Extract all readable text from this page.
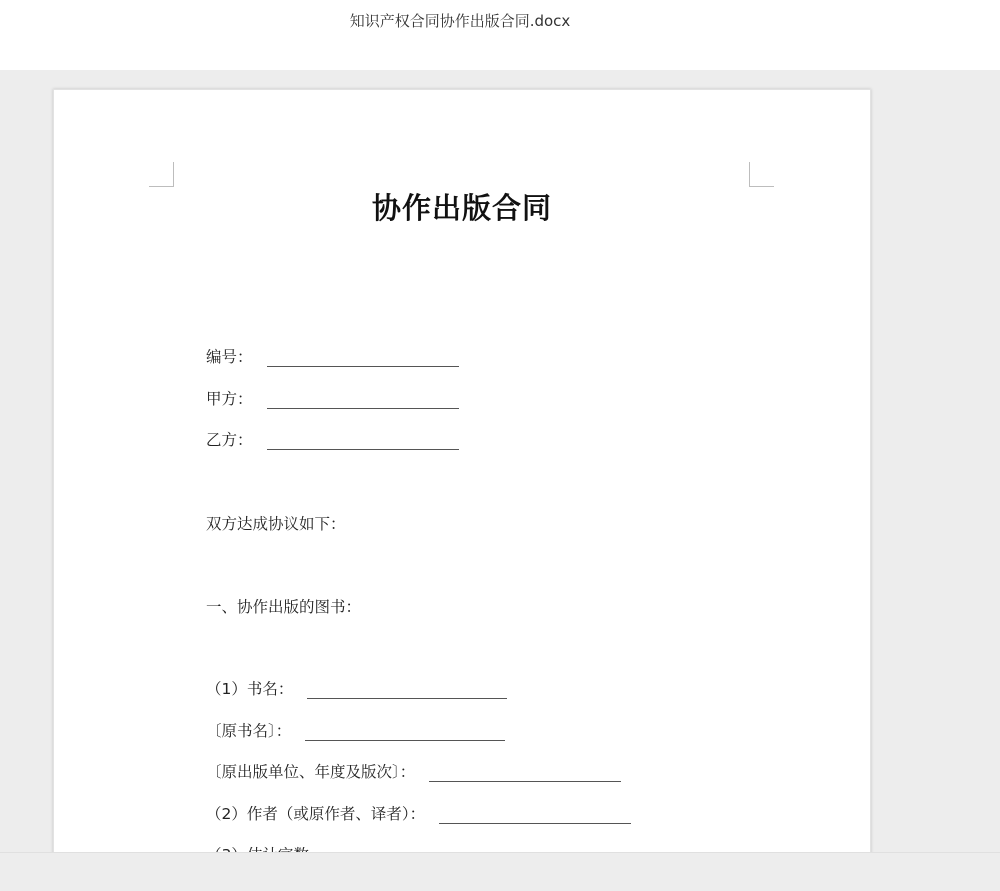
知识产权合同协作出版合同.docx
协作出版合同
编号：
甲方：
乙方：
双方达成协议如下：
一、协作出版的图书：
（1）书名：
〔原书名〕：
〔原出版单位、年度及版次〕：
（2）作者（或原作者、译者）：
